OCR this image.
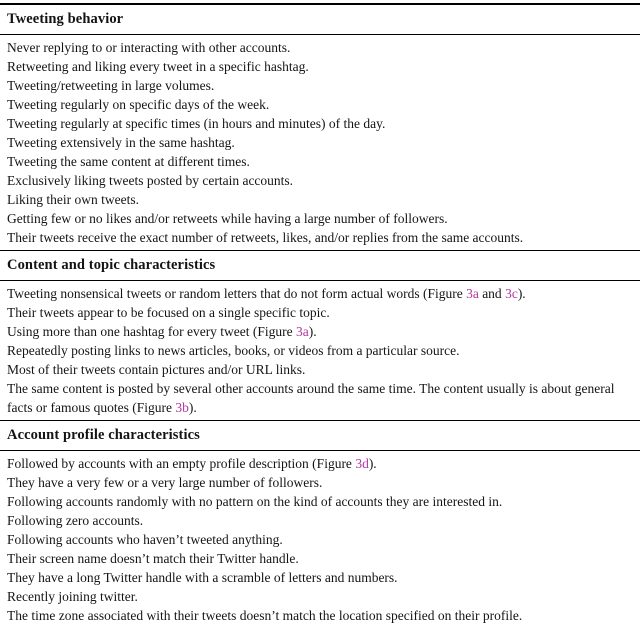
Tweeting behavior
Never replying to or interacting with other accounts.
Retweeting and liking every tweet in a specific hashtag.
Tweeting/retweeting in large volumes.
Tweeting regularly on specific days of the week.
Tweeting regularly at specific times (in hours and minutes) of the day.
Tweeting extensively in the same hashtag.
Tweeting the same content at different times.
Exclusively liking tweets posted by certain accounts.
Liking their own tweets.
Getting few or no likes and/or retweets while having a large number of followers.
Their tweets receive the exact number of retweets, likes, and/or replies from the same accounts.
Content and topic characteristics
Tweeting nonsensical tweets or random letters that do not form actual words (Figure 3a and 3c).
Their tweets appear to be focused on a single specific topic.
Using more than one hashtag for every tweet (Figure 3a).
Repeatedly posting links to news articles, books, or videos from a particular source.
Most of their tweets contain pictures and/or URL links.
The same content is posted by several other accounts around the same time. The content usually is about general facts or famous quotes (Figure 3b).
Account profile characteristics
Followed by accounts with an empty profile description (Figure 3d).
They have a very few or a very large number of followers.
Following accounts randomly with no pattern on the kind of accounts they are interested in.
Following zero accounts.
Following accounts who haven’t tweeted anything.
Their screen name doesn’t match their Twitter handle.
They have a long Twitter handle with a scramble of letters and numbers.
Recently joining twitter.
The time zone associated with their tweets doesn’t match the location specified on their profile.
